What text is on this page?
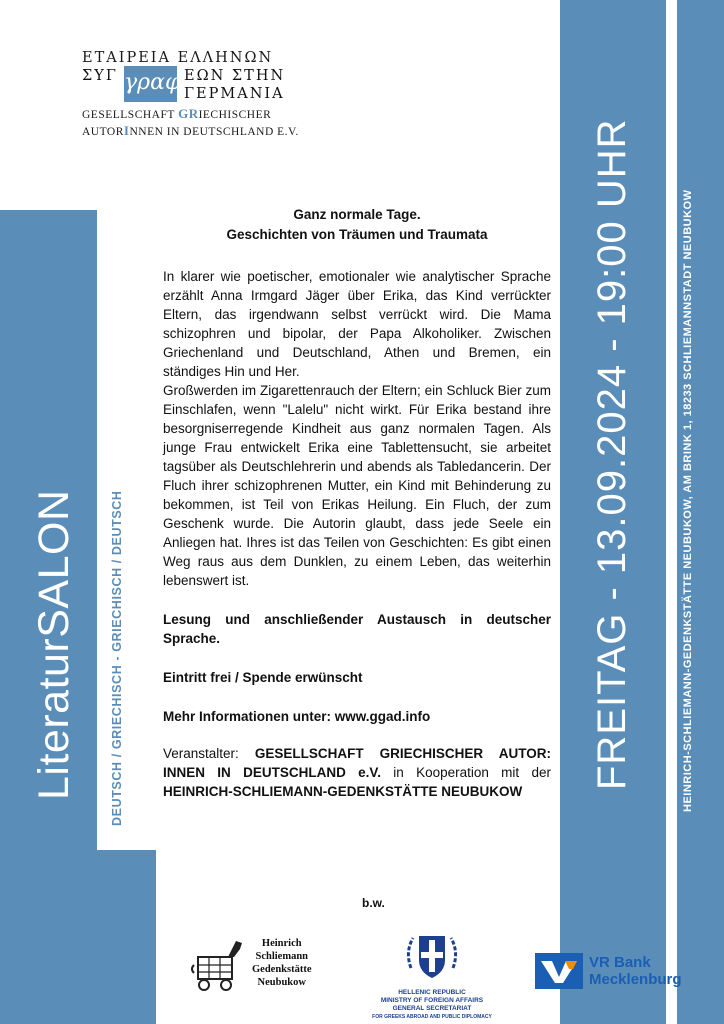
LiteraturSALON	DEUTSCH / GRIECHISCH - GRIECHISCH / DEUTSCH	FREITAG - 13.09.2024 - 19:00 UHR	HEINRICH-SCHLIEMANN-GEDENKSTÄTTE NEUBUKOW, AM BRINK 1, 18233 SCHLIEMANNSTADT NEUBUKOW
ΕΤΑΙΡΕΙΑ ΕΛΛΗΝΩΝ
ΣΥΓ γραφ ΕΩΝ ΣΤΗΝ
ΓΕΡΜΑΝΙΑ
GESELLSCHAFT GRIECHISCHER
AUTORINNEN IN DEUTSCHLAND E.V.
Ganz normale Tage.
Geschichten von Träumen und Traumata

In klarer wie poetischer, emotionaler wie analytischer Sprache erzählt Anna Irmgard Jäger über Erika, das Kind verrückter Eltern, das irgendwann selbst verrückt wird. Die Mama schizophren und bipolar, der Papa Alkoholiker. Zwischen Griechenland und Deutschland, Athen und Bremen, ein ständiges Hin und Her.

Großwerden im Zigarettenrauch der Eltern; ein Schluck Bier zum Einschlafen, wenn "Lalelu" nicht wirkt. Für Erika bestand ihre besorgniserregende Kindheit aus ganz normalen Tagen. Als junge Frau entwickelt Erika eine Tablettensucht, sie arbeitet tagsüber als Deutschlehrerin und abends als Tabledancerin. Der Fluch ihrer schizophrenen Mutter, ein Kind mit Behinderung zu bekommen, ist Teil von Erikas Heilung. Ein Fluch, der zum Geschenk wurde. Die Autorin glaubt, dass jede Seele ein Anliegen hat. Ihres ist das Teilen von Geschichten: Es gibt einen Weg raus aus dem Dunklen, zu einem Leben, das weiterhin lebenswert ist.

Lesung und anschließender Austausch in deutscher Sprache.

Eintritt frei / Spende erwünscht

Mehr Informationen unter: www.ggad.info

Veranstalter: GESELLSCHAFT GRIECHISCHER AUTOR: INNEN IN DEUTSCHLAND e.V. in Kooperation mit der HEINRICH-SCHLIEMANN-GEDENKSTÄTTE NEUBUKOW

b.w.
Heinrich
Schliemann
Gedenkstätte
Neubukow
HELLENIC REPUBLIC
MINISTRY OF FOREIGN AFFAIRS
GENERAL SECRETARIAT
FOR GREEKS ABROAD AND PUBLIC DIPLOMACY
VR Bank
Mecklenburg
